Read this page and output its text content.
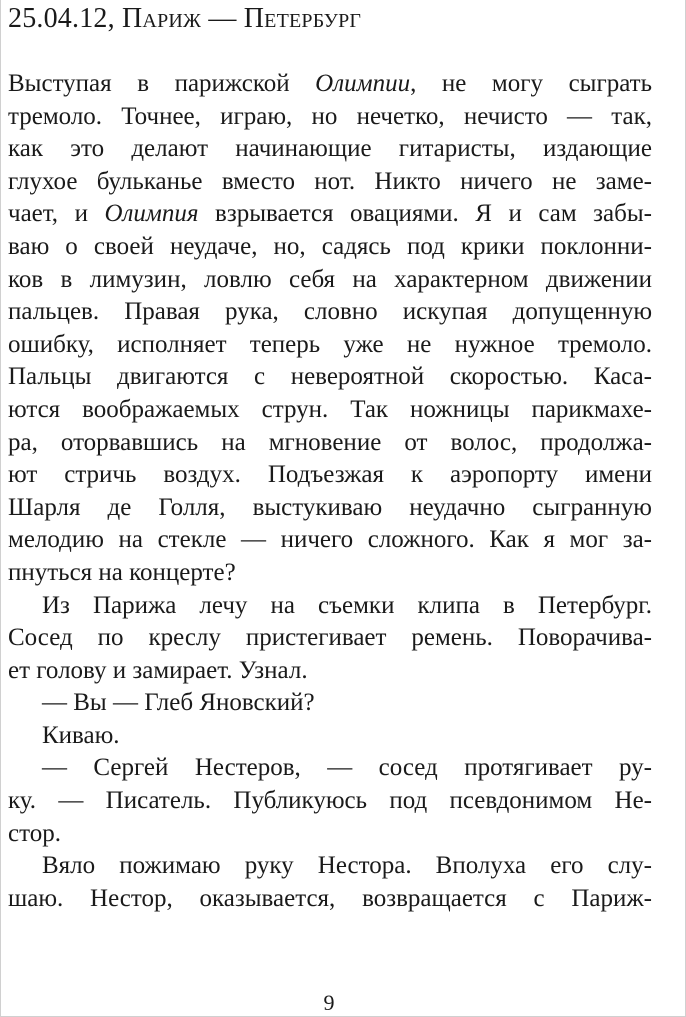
25.04.12, Париж — Петербург
Выступая в парижской Олимпии, не могу сыграть
тремоло. Точнее, играю, но нечетко, нечисто — так,
как это делают начинающие гитаристы, издающие
глухое бульканье вместо нот. Никто ничего не заме-
чает, и Олимпия взрывается овациями. Я и сам забы-
ваю о своей неудаче, но, садясь под крики поклонни-
ков в лимузин, ловлю себя на характерном движении
пальцев. Правая рука, словно искупая допущенную
ошибку, исполняет теперь уже не нужное тремоло.
Пальцы двигаются с невероятной скоростью. Каса-
ются воображаемых струн. Так ножницы парикмахе-
ра, оторвавшись на мгновение от волос, продолжа-
ют стричь воздух. Подъезжая к аэропорту имени
Шарля де Голля, выстукиваю неудачно сыгранную
мелодию на стекле — ничего сложного. Как я мог за-
пнуться на концерте?
Из Парижа лечу на съемки клипа в Петербург.
Сосед по креслу пристегивает ремень. Поворачива-
ет голову и замирает. Узнал.
— Вы — Глеб Яновский?
Киваю.
— Сергей Нестеров, — сосед протягивает ру-
ку. — Писатель. Публикуюсь под псевдонимом Не-
стор.
Вяло пожимаю руку Нестора. Вполуха его слу-
шаю. Нестор, оказывается, возвращается с Париж-
9
